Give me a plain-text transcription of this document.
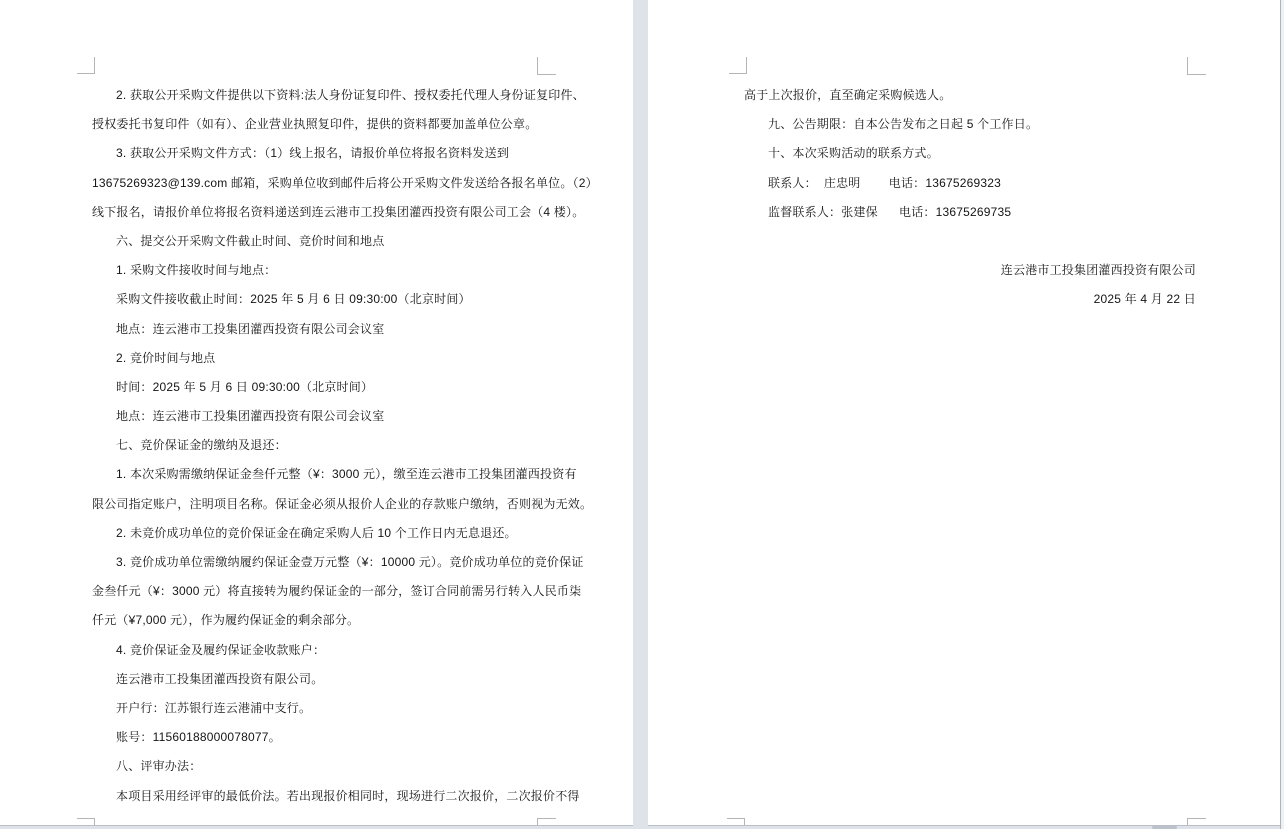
2. 获取公开采购文件提供以下资料:法人身份证复印件、授权委托代理人身份证复印件、
授权委托书复印件（如有）、企业营业执照复印件，提供的资料都要加盖单位公章。
3. 获取公开采购文件方式：（1）线上报名，请报价单位将报名资料发送到
13675269323@139.com 邮箱，采购单位收到邮件后将公开采购文件发送给各报名单位。（2）
线下报名，请报价单位将报名资料递送到连云港市工投集团灌西投资有限公司工会（4 楼）。
六、提交公开采购文件截止时间、竞价时间和地点
1. 采购文件接收时间与地点：
采购文件接收截止时间：2025 年 5 月 6 日 09:30:00（北京时间）
地点：连云港市工投集团灌西投资有限公司会议室
2. 竞价时间与地点
时间：2025 年 5 月 6 日 09:30:00（北京时间）
地点：连云港市工投集团灌西投资有限公司会议室
七、竞价保证金的缴纳及退还：
1. 本次采购需缴纳保证金叁仟元整（¥：3000 元），缴至连云港市工投集团灌西投资有
限公司指定账户，注明项目名称。保证金必须从报价人企业的存款账户缴纳，否则视为无效。
2. 未竞价成功单位的竞价保证金在确定采购人后 10 个工作日内无息退还。
3. 竞价成功单位需缴纳履约保证金壹万元整（¥：10000 元）。竞价成功单位的竞价保证
金叁仟元（¥：3000 元）将直接转为履约保证金的一部分，签订合同前需另行转入人民币柒
仟元（¥7,000 元），作为履约保证金的剩余部分。
4. 竞价保证金及履约保证金收款账户：
连云港市工投集团灌西投资有限公司。
开户行：江苏银行连云港浦中支行。
账号：11560188000078077。
八、评审办法：
本项目采用经评审的最低价法。若出现报价相同时，现场进行二次报价，二次报价不得
高于上次报价，直至确定采购候选人。
九、公告期限：自本公告发布之日起 5 个工作日。
十、本次采购活动的联系方式。
联系人：  庄忠明        电话：13675269323
监督联系人：张建保      电话：13675269735
连云港市工投集团灌西投资有限公司
2025 年 4 月 22 日
